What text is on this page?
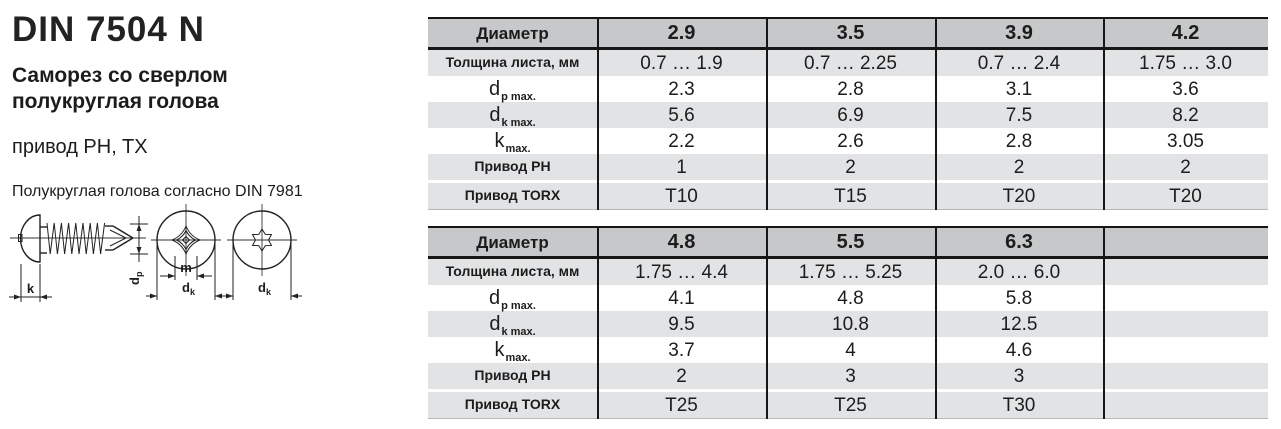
DIN 7504 N
Саморез со сверлом
полукруглая голова
привод PH, TX
Полукруглая голова согласно DIN 7981
$d_p$
k
m
$d_k$	$d_k$
Диаметр	2.9	3.5	3.9	4.2
Толщина листа, мм	0.7 … 1.9	0.7 … 2.25	0.7 … 2.4	1.75 … 3.0
$d_{p max.}$	2.3	2.8	3.1	3.6
$d_{k max.}$	5.6	6.9	7.5	8.2
$k_{max.}$	2.2	2.6	2.8	3.05
Привод PH	1	2	2	2
Привод TORX	T10	T15	T20	T20
Диаметр	4.8	5.5	6.3
Толщина листа, мм	1.75 … 4.4	1.75 … 5.25	2.0 … 6.0
$d_{p max.}$	4.1	4.8	5.8
$d_{k max.}$	9.5	10.8	12.5
$k_{max.}$	3.7	4	4.6
Привод PH	2	3	3
Привод TORX	T25	T25	T30
